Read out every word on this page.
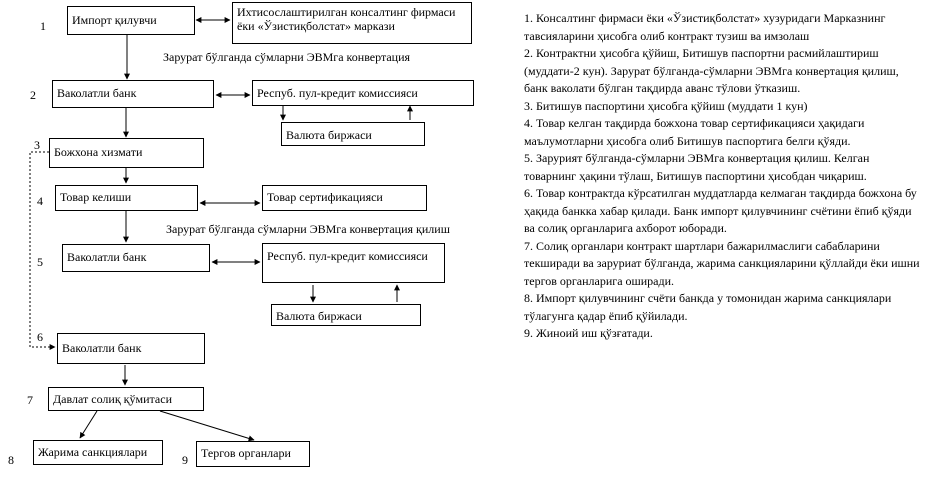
1
2
3
4
5
6
7
8	9
Импорт қилувчи
Ихтисослаштирилган консалтинг фирмаси ёки «Ўзистиқболстат» маркази
Ваколатли банк	Респуб. пул-кредит комиссияси
Валюта биржаси
Божхона хизмати
Товар келиши	Товар сертификацияси
Ваколатли банк	Респуб. пул-кредит комиссияси
Валюта биржаси
Ваколатли банк
Давлат солиқ қўмитаси
Жарима санкциялари	Тергов органлари
Зарурат бўлганда сўмларни ЭВМга конвертация
Зарурат бўлганда сўмларни ЭВМга конвертация қилиш
1. Консалтинг фирмаси ёки «Ўзистиқболстат» хузуридаги Марказнинг тавсияларини ҳисобга олиб контракт тузиш ва имзолаш
2. Контрактни ҳисобга қўйиш, Битишув паспортни расмийлаштириш (муддати-2 кун). Зарурат бўлганда-сўмларни ЭВМга конвертация қилиш, банк ваколати бўлган тақдирда аванс тўлови ўтказиш.
3. Битишув паспортини ҳисобга қўйиш (муддати 1 кун)
4. Товар келган тақдирда божхона товар сертификацияси ҳақидаги маълумотларни ҳисобга олиб Битишув паспортига белги қўяди.
5. Зарурият бўлганда-сўмларни ЭВМга конвертация қилиш. Келган товарнинг ҳақини тўлаш, Битишув паспортини ҳисобдан чиқариш.
6. Товар контрактда кўрсатилган муддатларда келмаган тақдирда божхона бу ҳақида банкка хабар қилади. Банк импорт қилувчининг счётини ёпиб қўяди ва солиқ органларига ахборот юборади.
7. Солиқ органлари контракт шартлари бажарилмаслиги сабабларини текширади ва заруриат бўлганда, жарима санкцияларини қўллайди ёки ишни тергов органларига оширади.
8. Импорт қилувчининг счёти банкда у томонидан жарима санкциялари тўлагунга қадар ёпиб қўйилади.
9. Жиноий иш қўзғатади.
